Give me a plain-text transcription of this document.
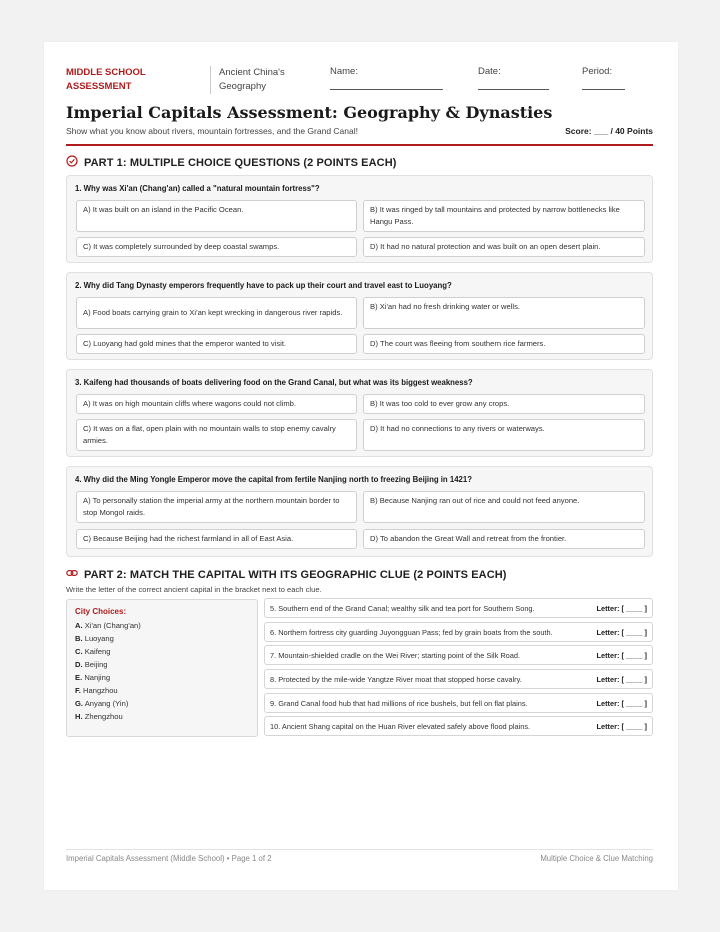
MIDDLE SCHOOL ASSESSMENT
Ancient China's Geography
Name:	Date:	Period:
Imperial Capitals Assessment: Geography & Dynasties
Show what you know about rivers, mountain fortresses, and the Grand Canal!	Score: ___ / 40 Points
PART 1: MULTIPLE CHOICE QUESTIONS (2 POINTS EACH)
1. Why was Xi'an (Chang'an) called a "natural mountain fortress"?
A) It was built on an island in the Pacific Ocean.	B) It was ringed by tall mountains and protected by narrow bottlenecks like Hangu Pass.
C) It was completely surrounded by deep coastal swamps.	D) It had no natural protection and was built on an open desert plain.
2. Why did Tang Dynasty emperors frequently have to pack up their court and travel east to Luoyang?
A) Food boats carrying grain to Xi'an kept wrecking in dangerous river rapids.
B) Xi'an had no fresh drinking water or wells.
C) Luoyang had gold mines that the emperor wanted to visit.	D) The court was fleeing from southern rice farmers.
3. Kaifeng had thousands of boats delivering food on the Grand Canal, but what was its biggest weakness?
A) It was on high mountain cliffs where wagons could not climb.	B) It was too cold to ever grow any crops.
C) It was on a flat, open plain with no mountain walls to stop enemy cavalry armies.
D) It had no connections to any rivers or waterways.
4. Why did the Ming Yongle Emperor move the capital from fertile Nanjing north to freezing Beijing in 1421?
A) To personally station the imperial army at the northern mountain border to stop Mongol raids.
B) Because Nanjing ran out of rice and could not feed anyone.
C) Because Beijing had the richest farmland in all of East Asia.	D) To abandon the Great Wall and retreat from the frontier.
PART 2: MATCH THE CAPITAL WITH ITS GEOGRAPHIC CLUE (2 POINTS EACH)
Write the letter of the correct ancient capital in the bracket next to each clue.
City Choices:
A. Xi'an (Chang'an)
B. Luoyang
C. Kaifeng
D. Beijing
E. Nanjing
F. Hangzhou
G. Anyang (Yin)
H. Zhengzhou
5. Southern end of the Grand Canal; wealthy silk and tea port for Southern Song.	Letter: [ ____ ]
6. Northern fortress city guarding Juyongguan Pass; fed by grain boats from the south.	Letter: [ ____ ]
7. Mountain-shielded cradle on the Wei River; starting point of the Silk Road.	Letter: [ ____ ]
8. Protected by the mile-wide Yangtze River moat that stopped horse cavalry.	Letter: [ ____ ]
9. Grand Canal food hub that had millions of rice bushels, but fell on flat plains.	Letter: [ ____ ]
10. Ancient Shang capital on the Huan River elevated safely above flood plains.	Letter: [ ____ ]
Imperial Capitals Assessment (Middle School) • Page 1 of 2	Multiple Choice & Clue Matching
